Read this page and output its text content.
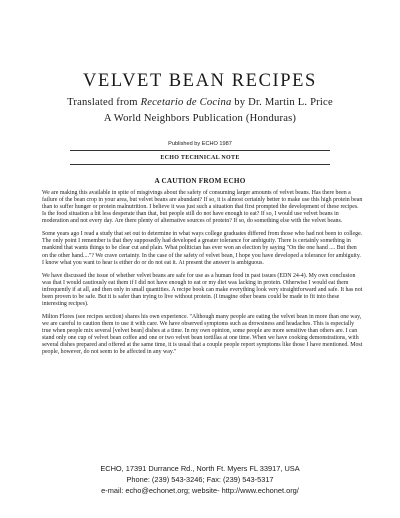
VELVET BEAN RECIPES
Translated from Recetario de Cocina by Dr. Martin L. Price
A World Neighbors Publication (Honduras)
Published by ECHO 1987
ECHO TECHNICAL NOTE
A CAUTION FROM ECHO

We are making this available in spite of misgivings about the safety of consuming larger amounts of velvet beans. Has there been a failure of the bean crop in your area, but velvet beans are abundant? If so, it is almost certainly better to make use this high protein bean than to suffer hunger or protein malnutrition. I believe it was just such a situation that first prompted the development of these recipes. Is the food situation a bit less desperate than that, but people still do not have enough to eat? If so, I would use velvet beans in moderation and not every day. Are there plenty of alternative sources of protein? If so, do something else with the velvet beans.

Some years ago I read a study that set out to determine in what ways college graduates differed from those who had not been to college. The only point I remember is that they supposedly had developed a greater tolerance for ambiguity. There is certainly something in mankind that wants things to be clear cut and plain. What politician has ever won an election by saying "On the one hand .... But then on the other hand...."? We crave certainty. In the case of the safety of velvet bean, I hope you have developed a tolerance for ambiguity. I know what you want to hear is either do or do not eat it. At present the answer is ambiguous.

We have discussed the issue of whether velvet beans are safe for use as a human food in past issues (EDN 24-4). My own conclusion was that I would cautiously eat them if I did not have enough to eat or my diet was lacking in protein. Otherwise I would eat them infrequently if at all, and then only in small quantities. A recipe book can make everything look very straightforward and safe. It has not been proven to be safe. But it is safer than trying to live without protein. (I imagine other beans could be made to fit into these interesting recipes).

Milton Flores (see recipes section) shares his own experience. "Although many people are eating the velvet bean in more than one way, we are careful to caution them to use it with care. We have observed symptoms such as drowsiness and headaches. This is especially true when people mix several [velvet bean] dishes at a time. In my own opinion, some people are more sensitive than others are. I can stand only one cup of velvet bean coffee and one or two velvet bean tortillas at one time. When we have cooking demonstrations, with several dishes prepared and offered at the same time, it is usual that a couple people report symptoms like those I have mentioned. Most people, however, do not seem to be affected in any way."

ECHO, 17391 Durrance Rd., North Ft. Myers FL 33917, USA
Phone: (239) 543-3246; Fax: (239) 543-5317
e-mail: echo@echonet.org; website- http://www.echonet.org/
